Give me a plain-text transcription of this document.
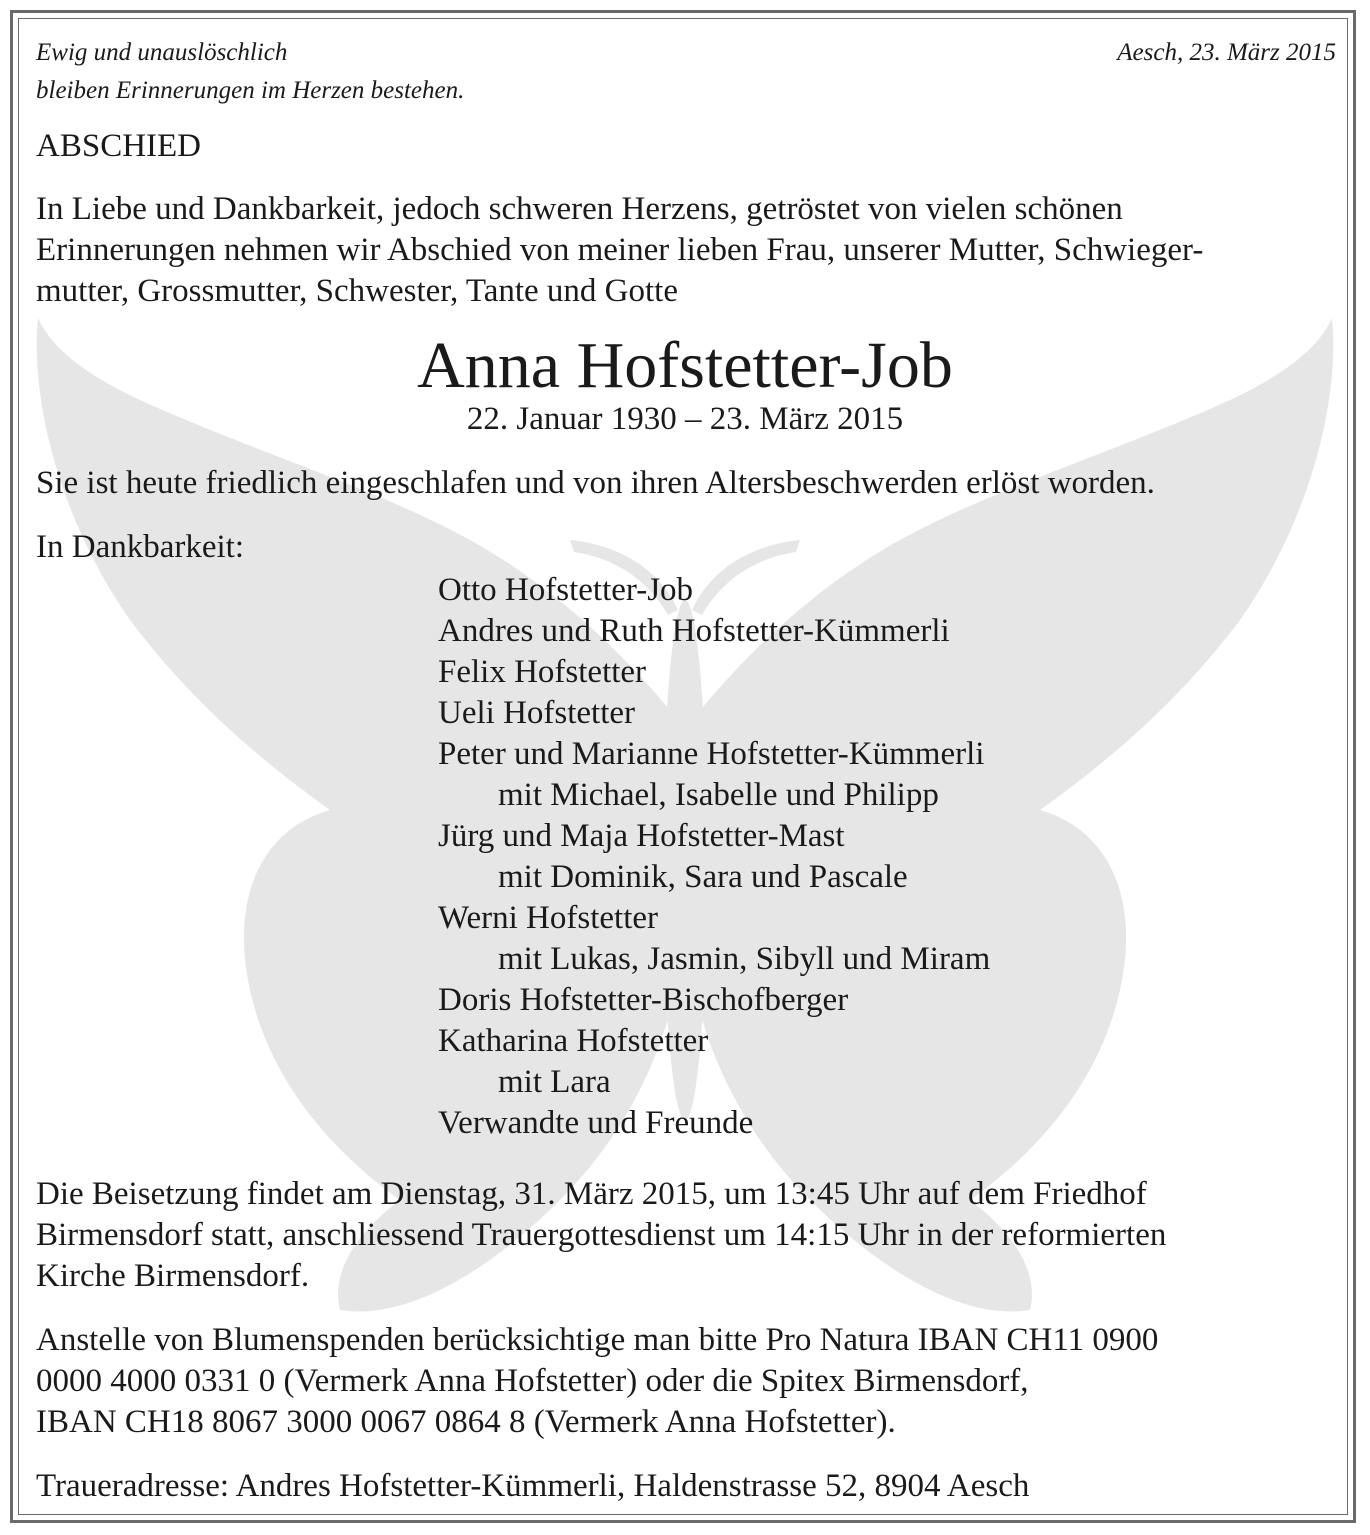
Ewig und unauslöschlich
bleiben Erinnerungen im Herzen bestehen.
Aesch, 23. März 2015
ABSCHIED
In Liebe und Dankbarkeit, jedoch schweren Herzens, getröstet von vielen schönen
Erinnerungen nehmen wir Abschied von meiner lieben Frau, unserer Mutter, Schwieger-
mutter, Grossmutter, Schwester, Tante und Gotte
Anna Hofstetter-Job
22. Januar 1930 – 23. März 2015
Sie ist heute friedlich eingeschlafen und von ihren Altersbeschwerden erlöst worden.
In Dankbarkeit:
Otto Hofstetter-Job
Andres und Ruth Hofstetter-Kümmerli
Felix Hofstetter
Ueli Hofstetter
Peter und Marianne Hofstetter-Kümmerli
mit Michael, Isabelle und Philipp
Jürg und Maja Hofstetter-Mast
mit Dominik, Sara und Pascale
Werni Hofstetter
mit Lukas, Jasmin, Sibyll und Miram
Doris Hofstetter-Bischofberger
Katharina Hofstetter
mit Lara
Verwandte und Freunde
Die Beisetzung findet am Dienstag, 31. März 2015, um 13:45 Uhr auf dem Friedhof
Birmensdorf statt, anschliessend Trauergottesdienst um 14:15 Uhr in der reformierten
Kirche Birmensdorf.
Anstelle von Blumenspenden berücksichtige man bitte Pro Natura IBAN CH11 0900
0000 4000 0331 0 (Vermerk Anna Hofstetter) oder die Spitex Birmensdorf,
IBAN CH18 8067 3000 0067 0864 8 (Vermerk Anna Hofstetter).
Traueradresse: Andres Hofstetter-Kümmerli, Haldenstrasse 52, 8904 Aesch
